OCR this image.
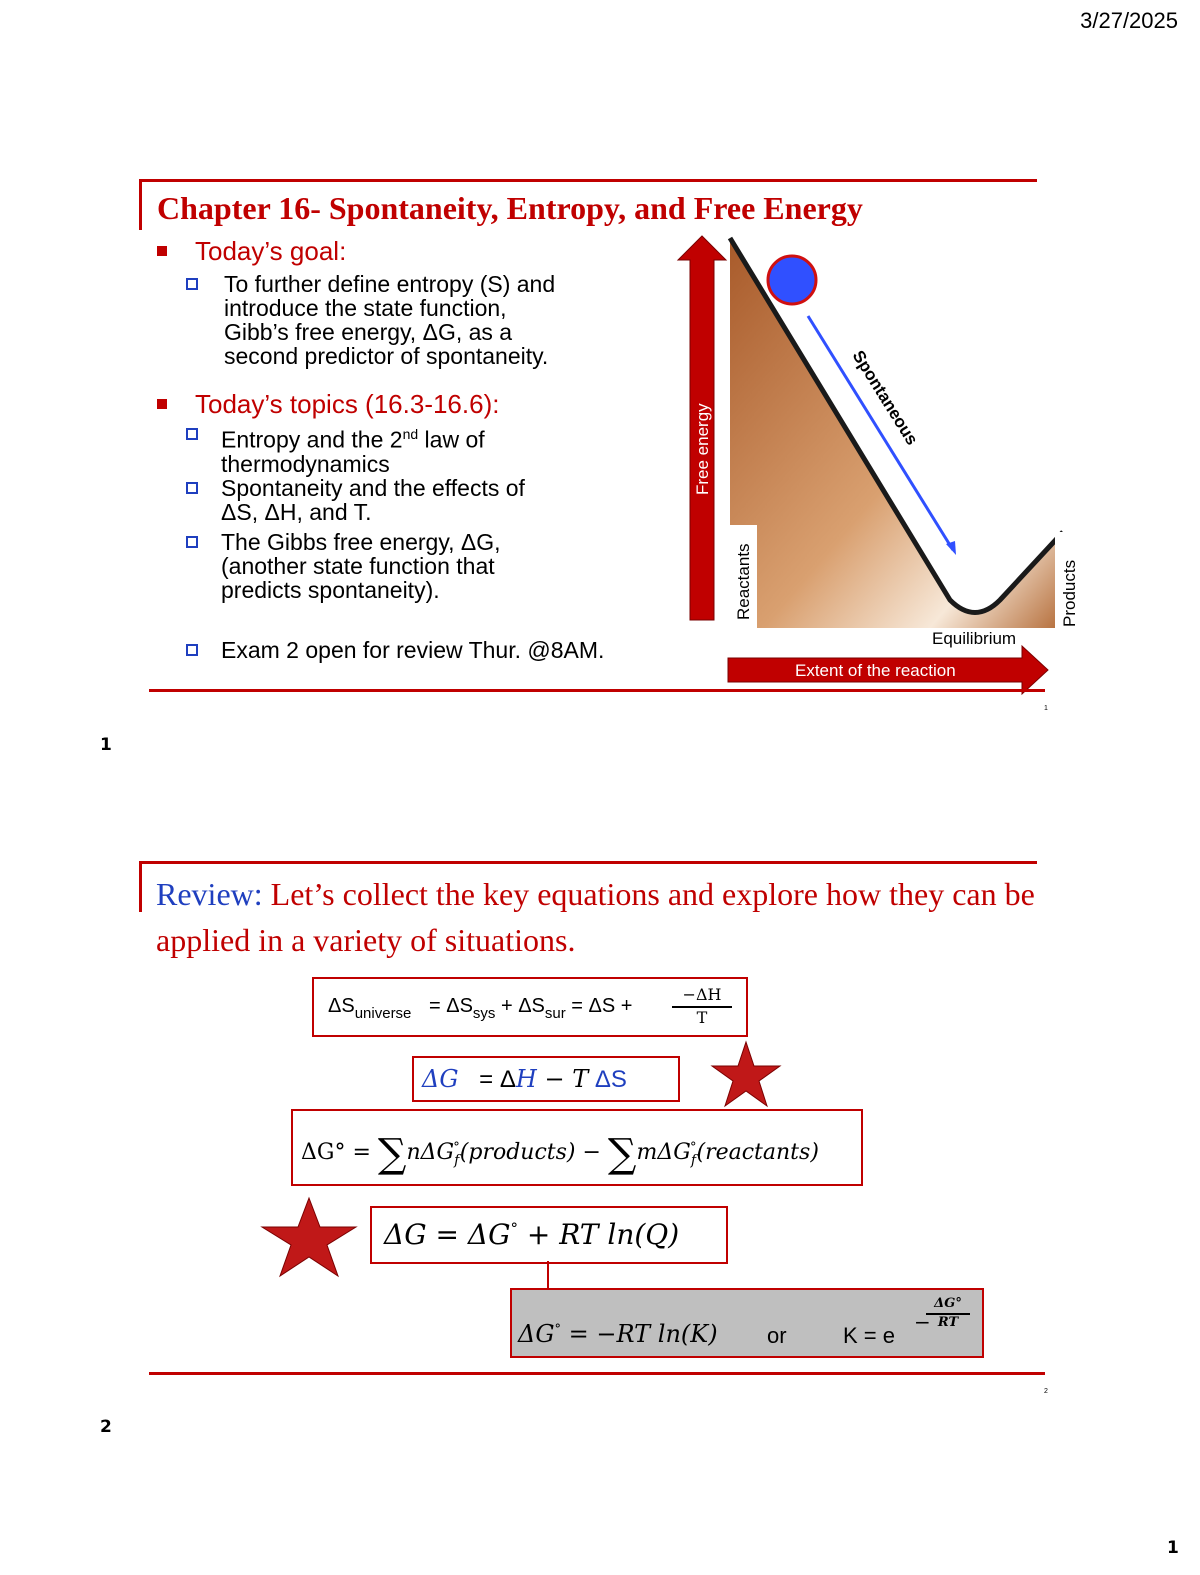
3/27/2025
Chapter 16- Spontaneity, Entropy, and Free Energy
Today’s goal:
To further define entropy (S) and
introduce the state function,
Gibb’s free energy, ΔG, as a
second predictor of spontaneity.
Today’s topics (16.3-16.6):
Entropy and the 2nd law of
thermodynamics
Spontaneity and the effects of
ΔS, ΔH, and T.
The Gibbs free energy, ΔG,
(another state function that
predicts spontaneity).
Exam 2 open for review Thur. @8AM.
Free energy
Extent of the reaction
Spontaneous
Reactants	Products
Equilibrium
1
1
Review: Let’s collect the key equations and explore how they can be applied in a variety of situations.
$\Delta S_{universe} = \Delta S_{sys} + \Delta S_{sur} = \Delta S$ +
−ΔH
T
ΔG = ΔH − T ΔS
ΔG° = ∑nΔG$_f$°(products) − ∑mΔG$_f$°(reactants)
ΔG = ΔG° + RT ln(Q)
ΔG° = −RT ln(K) or	K = e
−
ΔG°
RT
2
2
1
